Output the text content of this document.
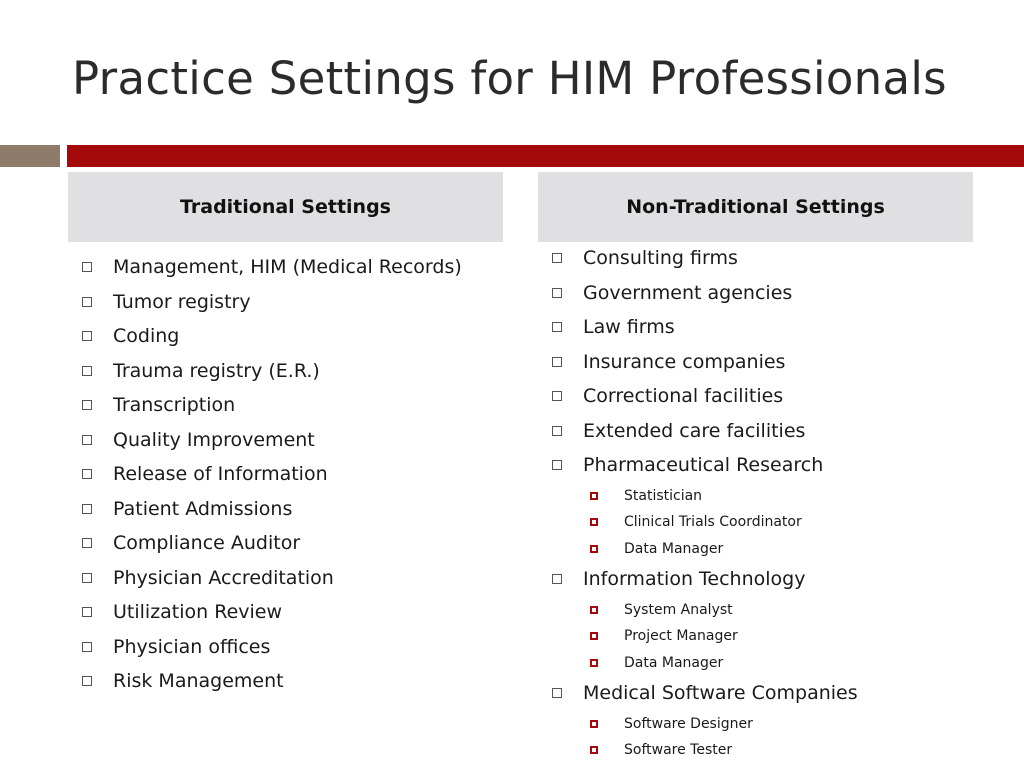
Practice Settings for HIM Professionals
Traditional Settings	Non-Traditional Settings
Management, HIM (Medical Records)
Tumor registry
Coding
Trauma registry (E.R.)
Transcription
Quality Improvement
Release of Information
Patient Admissions
Compliance Auditor
Physician Accreditation
Utilization Review
Physician offices
Risk Management
Consulting firms
Government agencies
Law firms
Insurance companies
Correctional facilities
Extended care facilities
Pharmaceutical Research
Statistician
Clinical Trials Coordinator
Data Manager
Information Technology
System Analyst
Project Manager
Data Manager
Medical Software Companies
Software Designer
Software Tester
